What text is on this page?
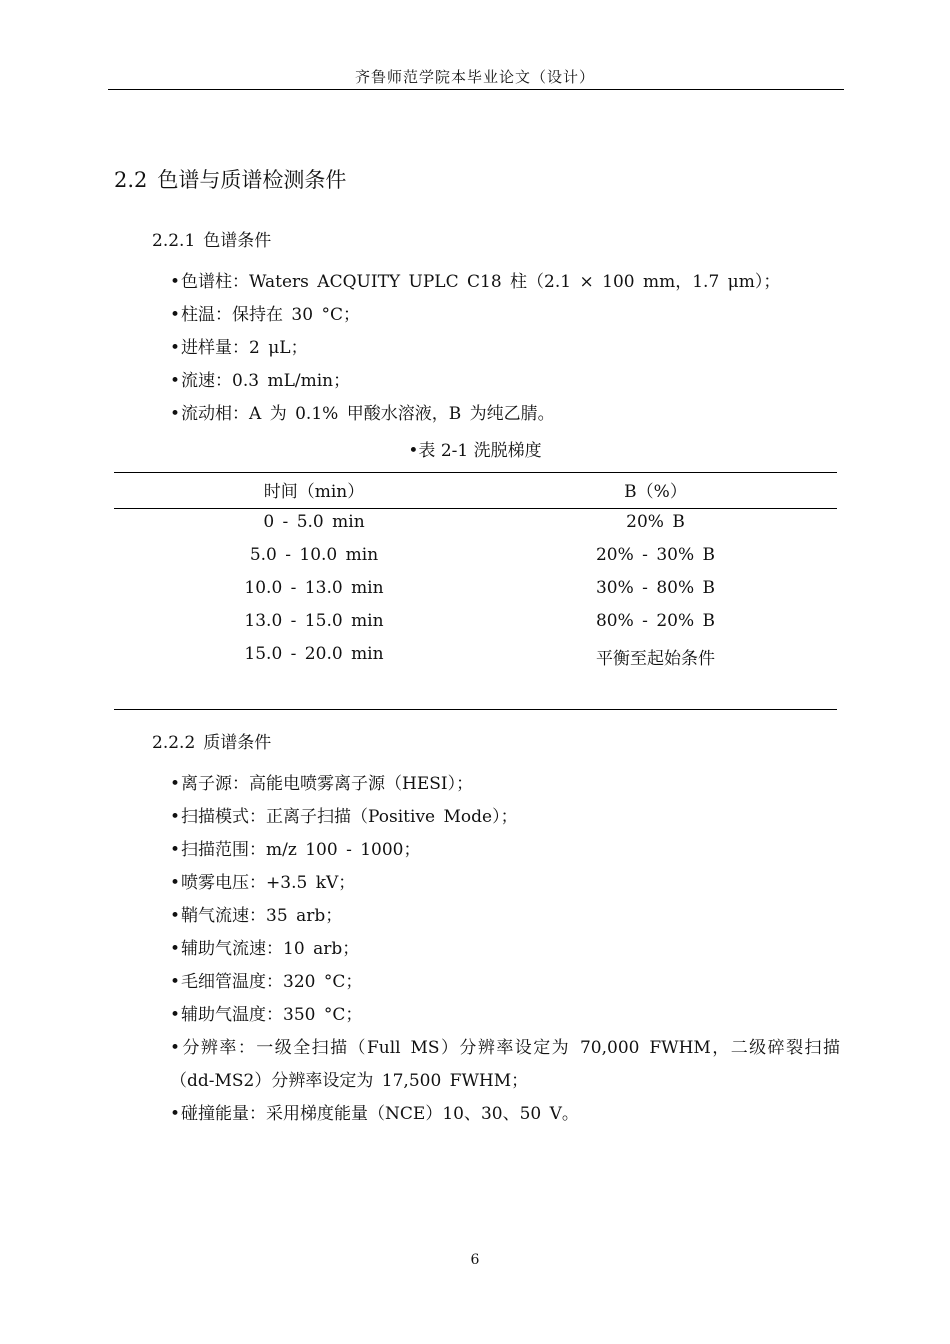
齐鲁师范学院本毕业论文（设计）
2.2 色谱与质谱检测条件
2.2.1 色谱条件
•色谱柱：Waters ACQUITY UPLC C18 柱（2.1 × 100 mm，1.7 μm）；
•柱温：保持在 30 °C；
•进样量：2 μL；
•流速：0.3 mL/min；
•流动相：A 为 0.1% 甲酸水溶液，B 为纯乙腈。
•表 2-1 洗脱梯度
时间（min）	B（%）
0 - 5.0 min	20% B
5.0 - 10.0 min	20% - 30% B
10.0 - 13.0 min	30% - 80% B
13.0 - 15.0 min	80% - 20% B
15.0 - 20.0 min	平衡至起始条件
2.2.2 质谱条件
•离子源：高能电喷雾离子源（HESI）；
•扫描模式：正离子扫描（Positive Mode）；
•扫描范围：m/z 100 - 1000；
•喷雾电压：+3.5 kV；
•鞘气流速：35 arb；
•辅助气流速：10 arb；
•毛细管温度：320 °C；
•辅助气温度：350 °C；
•分辨率：一级全扫描（Full MS）分辨率设定为 70,000 FWHM，二级碎裂扫描（dd-MS2）分辨率设定为 17,500 FWHM；
•碰撞能量：采用梯度能量（NCE）10、30、50 V。
6
